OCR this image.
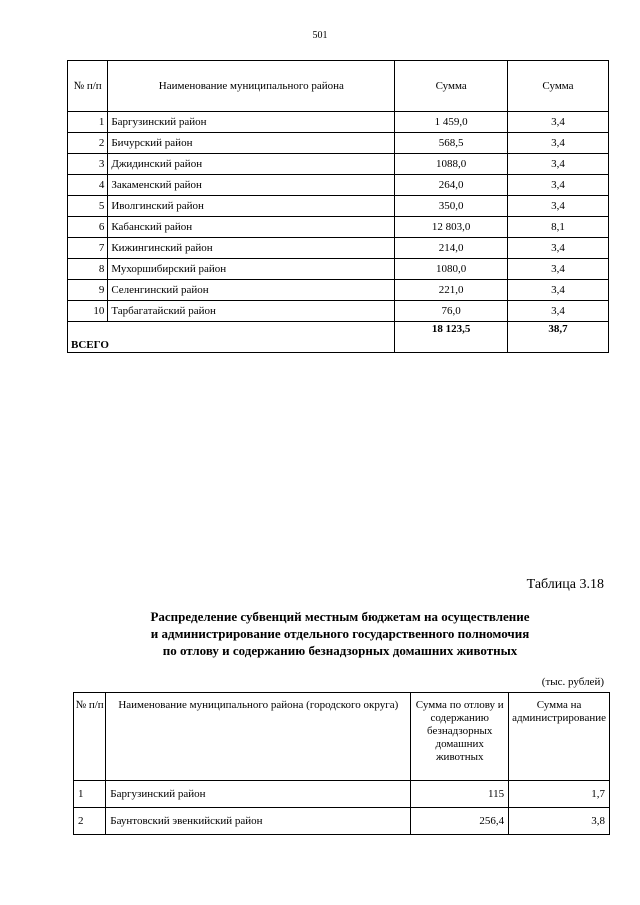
501
№ п/п	Наименование муниципального района	Сумма	Сумма
1	Баргузинский район	1 459,0	3,4
2	Бичурский район	568,5	3,4
3	Джидинский район	1088,0	3,4
4	Закаменский район	264,0	3,4
5	Иволгинский район	350,0	3,4
6	Кабанский район	12 803,0	8,1
7	Кижингинский район	214,0	3,4
8	Мухоршибирский район	1080,0	3,4
9	Селенгинский район	221,0	3,4
10	Тарбагатайский район	76,0	3,4
ВСЕГО		18 123,5	38,7
Таблица 3.18
Распределение субвенций местным бюджетам на осуществление
и администрирование отдельного государственного полномочия
по отлову и содержанию безнадзорных домашних животных
(тыс. рублей)
№ п/п	Наименование муниципального района (городского округа)	Сумма по отлову и содержанию безнадзорных домашних животных	Сумма на администрирование
1	Баргузинский район	115	1,7
2	Баунтовский эвенкийский район	256,4	3,8
